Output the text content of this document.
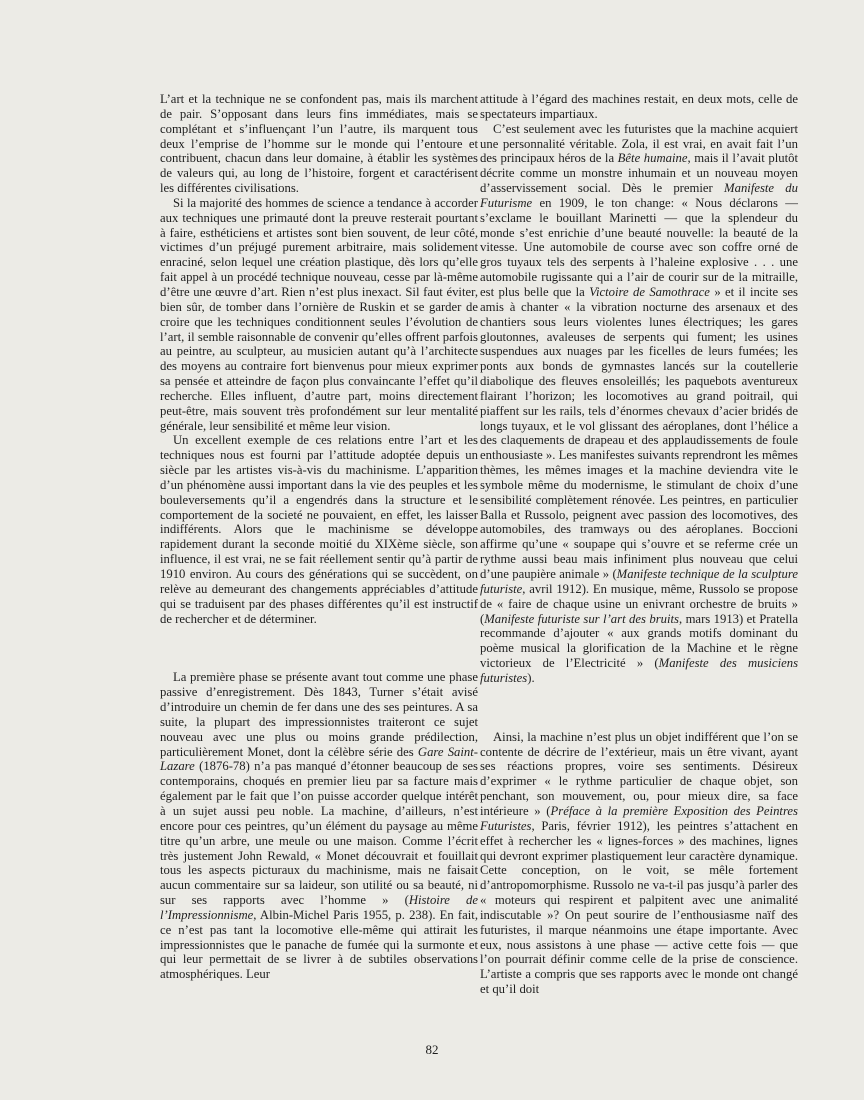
L’art et la technique ne se confondent pas, mais ils marchent de pair. S’opposant dans leurs fins immédiates, mais se complétant et s’influençant l’un l’autre, ils marquent tous deux l’emprise de l’homme sur le monde qui l’entoure et contribuent, chacun dans leur domaine, à établir les systèmes de valeurs qui, au long de l’histoire, forgent et caractérisent les différentes civilisations.

Si la majorité des hommes de science a tendance à accorder aux techniques une primauté dont la preuve resterait pourtant à faire, esthéticiens et artistes sont bien souvent, de leur côté, victimes d’un préjugé purement arbitraire, mais solidement enraciné, selon lequel une création plastique, dès lors qu’elle fait appel à un procédé technique nouveau, cesse par là-même d’être une œuvre d’art. Rien n’est plus inexact. Sil faut éviter, bien sûr, de tomber dans l’ornière de Ruskin et se garder de croire que les techniques conditionnent seules l’évolution de l’art, il semble raisonnable de convenir qu’elles offrent parfois au peintre, au sculpteur, au musicien autant qu’à l’architecte des moyens au contraire fort bienvenus pour mieux exprimer sa pensée et atteindre de façon plus convaincante l’effet qu’il recherche. Elles influent, d’autre part, moins directement peut-être, mais souvent très profondément sur leur mentalité générale, leur sensibilité et même leur vision.

Un excellent exemple de ces relations entre l’art et les techniques nous est fourni par l’attitude adoptée depuis un siècle par les artistes vis-à-vis du machinisme. L’apparition d’un phénomène aussi important dans la vie des peuples et les bouleversements qu’il a engendrés dans la structure et le comportement de la societé ne pouvaient, en effet, les laisser indifférents. Alors que le machinisme se développe rapidement durant la seconde moitié du XIXème siècle, son influence, il est vrai, ne se fait réellement sentir qu’à partir de 1910 environ. Au cours des générations qui se succèdent, on relève au demeurant des changements appréciables d’attitude qui se traduisent par des phases différentes qu’il est instructif de rechercher et de déterminer.

La première phase se présente avant tout comme une phase passive d’enregistrement. Dès 1843, Turner s’était avisé d’introduire un chemin de fer dans une des ses peintures. A sa suite, la plupart des impressionnistes traiteront ce sujet nouveau avec une plus ou moins grande prédilection, particulièrement Monet, dont la célèbre série des Gare Saint-Lazare (1876-78) n’a pas manqué d’étonner beaucoup de ses contemporains, choqués en premier lieu par sa facture mais également par le fait que l’on puisse accorder quelque intérêt à un sujet aussi peu noble. La machine, d’ailleurs, n’est encore pour ces peintres, qu’un élément du paysage au même titre qu’un arbre, une meule ou une maison. Comme l’écrit très justement John Rewald, « Monet découvrait et fouillait tous les aspects picturaux du machinisme, mais ne faisait aucun commentaire sur sa laideur, son utilité ou sa beauté, ni sur ses rapports avec l’homme » (Histoire de l’Impressionnisme, Albin-Michel Paris 1955, p. 238). En fait, ce n’est pas tant la locomotive elle-même qui attirait les impressionnistes que le panache de fumée qui la surmonte et qui leur permettait de se livrer à de subtiles observations atmosphériques. Leur

attitude à l’égard des machines restait, en deux mots, celle de spectateurs impartiaux.

C’est seulement avec les futuristes que la machine acquiert une personnalité véritable. Zola, il est vrai, en avait fait l’un des principaux héros de la Bête humaine, mais il l’avait plutôt décrite comme un monstre inhumain et un nouveau moyen d’asservissement social. Dès le premier Manifeste du Futurisme en 1909, le ton change: « Nous déclarons — s’exclame le bouillant Marinetti — que la splendeur du monde s’est enrichie d’une beauté nouvelle: la beauté de la vitesse. Une automobile de course avec son coffre orné de gros tuyaux tels des serpents à l’haleine explosive . . . une automobile rugissante qui a l’air de courir sur de la mitraille, est plus belle que la Victoire de Samothrace » et il incite ses amis à chanter « la vibration nocturne des arsenaux et des chantiers sous leurs violentes lunes électriques; les gares gloutonnes, avaleuses de serpents qui fument; les usines suspendues aux nuages par les ficelles de leurs fumées; les ponts aux bonds de gymnastes lancés sur la coutellerie diabolique des fleuves ensoleillés; les paquebots aventureux flairant l’horizon; les locomotives au grand poitrail, qui piaffent sur les rails, tels d’énormes chevaux d’acier bridés de longs tuyaux, et le vol glissant des aéroplanes, dont l’hélice a des claquements de drapeau et des applaudissements de foule enthousiaste ». Les manifestes suivants reprendront les mêmes thèmes, les mêmes images et la machine deviendra vite le symbole même du modernisme, le stimulant de choix d’une sensibilité complètement rénovée. Les peintres, en particulier Balla et Russolo, peignent avec passion des locomotives, des automobiles, des tramways ou des aéroplanes. Boccioni affirme qu’une « soupape qui s’ouvre et se referme crée un rythme aussi beau mais infiniment plus nouveau que celui d’une paupière animale » (Manifeste technique de la sculpture futuriste, avril 1912). En musique, même, Russolo se propose de « faire de chaque usine un enivrant orchestre de bruits » (Manifeste futuriste sur l’art des bruits, mars 1913) et Pratella recommande d’ajouter « aux grands motifs dominant du poème musical la glorification de la Machine et le règne victorieux de l’Electricité » (Manifeste des musiciens futuristes).

Ainsi, la machine n’est plus un objet indifférent que l’on se contente de décrire de l’extérieur, mais un être vivant, ayant ses réactions propres, voire ses sentiments. Désireux d’exprimer « le rythme particulier de chaque objet, son penchant, son mouvement, ou, pour mieux dire, sa face intérieure » (Préface à la première Exposition des Peintres Futuristes, Paris, février 1912), les peintres s’attachent en effet à rechercher les « lignes-forces » des machines, lignes qui devront exprimer plastiquement leur caractère dynamique. Cette conception, on le voit, se mêle fortement d’antropomorphisme. Russolo ne va-t-il pas jusqu’à parler des « moteurs qui respirent et palpitent avec une animalité indiscutable »? On peut sourire de l’enthousiasme naïf des futuristes, il marque néanmoins une étape importante. Avec eux, nous assistons à une phase — active cette fois — que l’on pourrait définir comme celle de la prise de conscience. L’artiste a compris que ses rapports avec le monde ont changé et qu’il doit

82
